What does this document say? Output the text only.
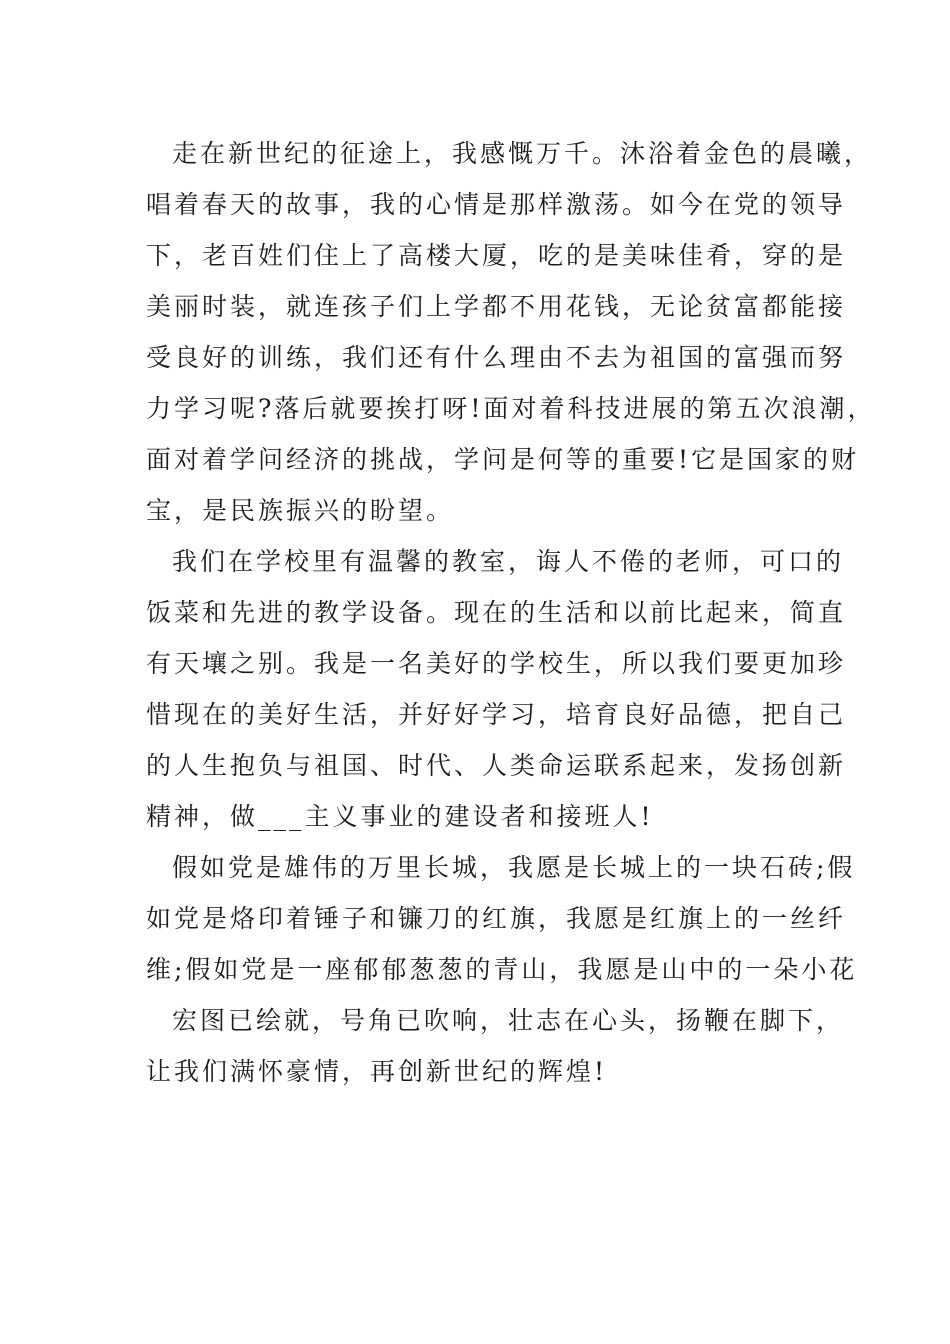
走在新世纪的征途上，我感慨万千。沐浴着金色的晨曦，
唱着春天的故事，我的心情是那样激荡。如今在党的领导
下，老百姓们住上了高楼大厦，吃的是美味佳肴，穿的是
美丽时装，就连孩子们上学都不用花钱，无论贫富都能接
受良好的训练，我们还有什么理由不去为祖国的富强而努
力学习呢?落后就要挨打呀!面对着科技进展的第五次浪潮，
面对着学问经济的挑战，学问是何等的重要!它是国家的财
宝，是民族振兴的盼望。
我们在学校里有温馨的教室，诲人不倦的老师，可口的
饭菜和先进的教学设备。现在的生活和以前比起来，简直
有天壤之别。我是一名美好的学校生，所以我们要更加珍
惜现在的美好生活，并好好学习，培育良好品德，把自己
的人生抱负与祖国、时代、人类命运联系起来，发扬创新
精神，做___主义事业的建设者和接班人!
假如党是雄伟的万里长城，我愿是长城上的一块石砖;假
如党是烙印着锤子和镰刀的红旗，我愿是红旗上的一丝纤
维;假如党是一座郁郁葱葱的青山，我愿是山中的一朵小花
宏图已绘就，号角已吹响，壮志在心头，扬鞭在脚下，
让我们满怀豪情，再创新世纪的辉煌!
